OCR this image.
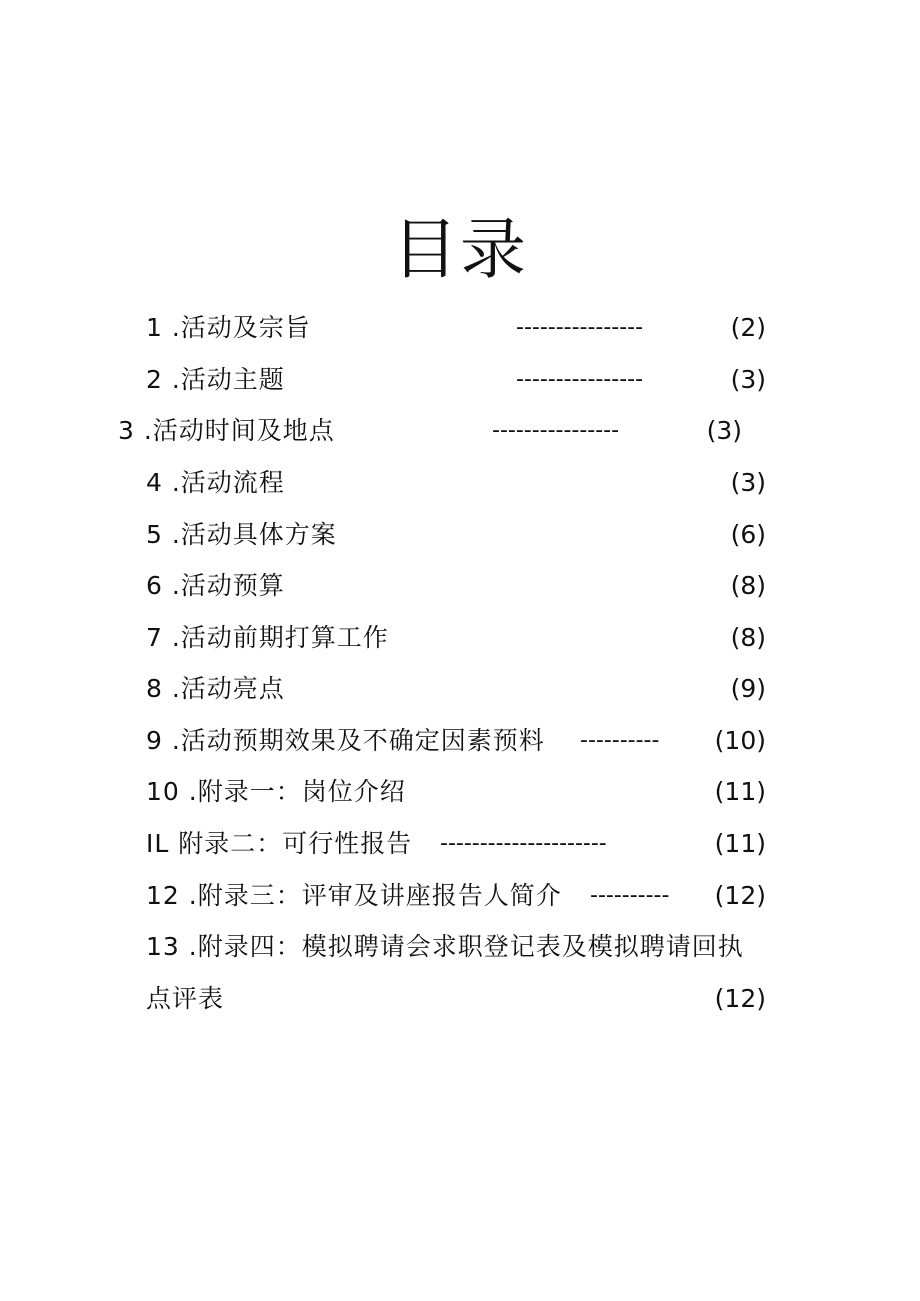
目录
1 .活动及宗旨	----------------	(2)
2 .活动主题	----------------	(3)
3 .活动时间及地点	----------------	(3)
4 .活动流程	(3)
5 .活动具体方案	(6)
6 .活动预算	(8)
7 .活动前期打算工作	(8)
8 .活动亮点	(9)
9 .活动预期效果及不确定因素预料 ----------	(10)
10 .附录一：岗位介绍	(11)
IL 附录二：可行性报告 ---------------------	(11)
12 .附录三：评审及讲座报告人简介 ----------	(12)
13 .附录四：模拟聘请会求职登记表及模拟聘请回执
点评表	(12)
